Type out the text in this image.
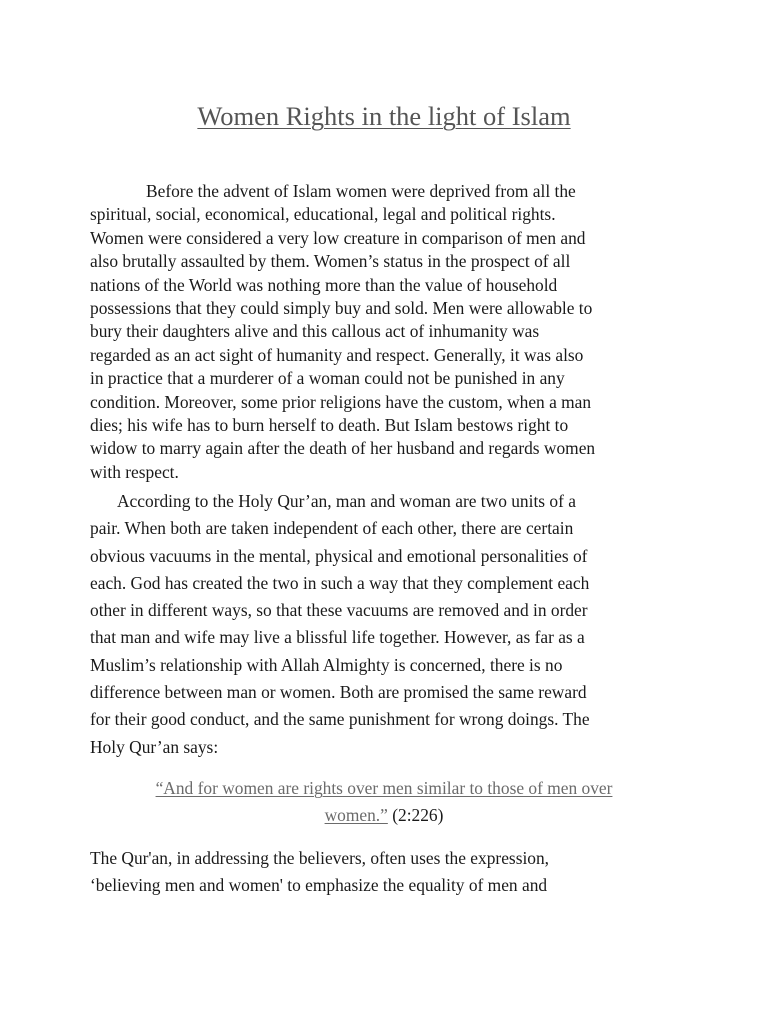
Women Rights in the light of Islam

Before the advent of Islam women were deprived from all the
spiritual, social, economical, educational, legal and political rights.
Women were considered a very low creature in comparison of men and
also brutally assaulted by them. Women’s status in the prospect of all
nations of the World was nothing more than the value of household
possessions that they could simply buy and sold. Men were allowable to
bury their daughters alive and this callous act of inhumanity was
regarded as an act sight of humanity and respect. Generally, it was also
in practice that a murderer of a woman could not be punished in any
condition. Moreover, some prior religions have the custom, when a man
dies; his wife has to burn herself to death. But Islam bestows right to
widow to marry again after the death of her husband and regards women
with respect.

According to the Holy Qur’an, man and woman are two units of a
pair. When both are taken independent of each other, there are certain
obvious vacuums in the mental, physical and emotional personalities of
each. God has created the two in such a way that they complement each
other in different ways, so that these vacuums are removed and in order
that man and wife may live a blissful life together. However, as far as a
Muslim’s relationship with Allah Almighty is concerned, there is no
difference between man or women. Both are promised the same reward
for their good conduct, and the same punishment for wrong doings. The
Holy Qur’an says:

“And for women are rights over men similar to those of men over
women.” (2:226)

The Qur'an, in addressing the believers, often uses the expression,
‘believing men and women' to emphasize the equality of men and
